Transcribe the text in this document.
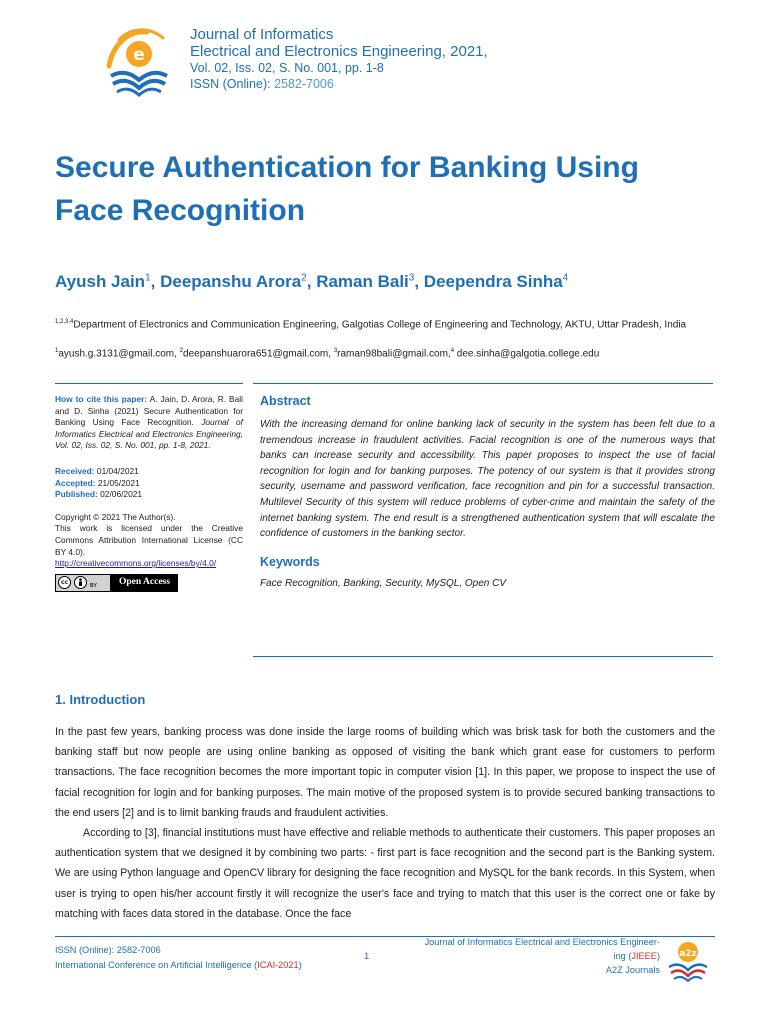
e
Journal of Informatics
Electrical and Electronics Engineering, 2021,
Vol. 02, Iss. 02, S. No. 001, pp. 1-8
ISSN (Online): 2582-7006
Secure Authentication for Banking Using Face Recognition
Ayush Jain$^1$, Deepanshu Arora$^2$, Raman Bali$^3$, Deependra Sinha$^4$
$^{1,2,3,4}$Department of Electronics and Communication Engineering, Galgotias College of Engineering and Technology, AKTU, Uttar Pradesh, India
$^1$ayush.g.3131@gmail.com, $^2$deepanshuarora651@gmail.com, $^3$raman98bali@gmail.com,$^4$ dee.sinha@galgotia.college.edu

How to cite this paper: A. Jain, D. Arora, R. Bali and D. Sinha (2021) Secure Authentication for Banking Using Face Recognition. Journal of Informatics Electrical and Electronics Engineering, Vol. 02, Iss. 02, S. No. 001, pp. 1-8, 2021.

Received: 01/04/2021
Accepted: 21/05/2021
Published: 02/06/2021

Copyright © 2021 The Author(s).
This work is licensed under the Creative Commons Attribution International License (CC BY 4.0).
http://creativecommons.org/licenses/by/4.0/

cc
BY	Open Access
Abstract

With the increasing demand for online banking lack of security in the system has been felt due to a tremendous increase in fraudulent activities. Facial recognition is one of the numerous ways that banks can increase security and accessibility. This paper proposes to inspect the use of facial recognition for login and for banking purposes. The potency of our system is that it provides strong security, username and password verification, face recognition and pin for a successful transaction. Multilevel Security of this system will reduce problems of cyber-crime and maintain the safety of the internet banking system. The end result is a strengthened authentication system that will escalate the confidence of customers in the banking sector.

Keywords

Face Recognition, Banking, Security, MySQL, Open CV

1. Introduction

In the past few years, banking process was done inside the large rooms of building which was brisk task for both the customers and the banking staff but now people are using online banking as opposed of visiting the bank which grant ease for customers to perform transactions. The face recognition becomes the more important topic in computer vision [1]. In this paper, we propose to inspect the use of facial recognition for login and for banking purposes. The main motive of the proposed system is to provide secured banking transactions to the end users [2] and is to limit banking frauds and fraudulent activities.

According to [3], financial institutions must have effective and reliable methods to authenticate their customers. This paper proposes an authentication system that we designed it by combining two parts: - first part is face recognition and the second part is the Banking system. We are using Python language and OpenCV library for designing the face recognition and MySQL for the bank records. In this System, when user is trying to open his/her account firstly it will recognize the user's face and trying to match that this user is the correct one or fake by matching with faces data stored in the database. Once the face

ISSN (Online): 2582-7006
International Conference on Artificial Intelligence (ICAI-2021)
1
Journal of Informatics Electrical and Electronics Engineer-
ing (JIEEE)
A2Z Journals
a2z
